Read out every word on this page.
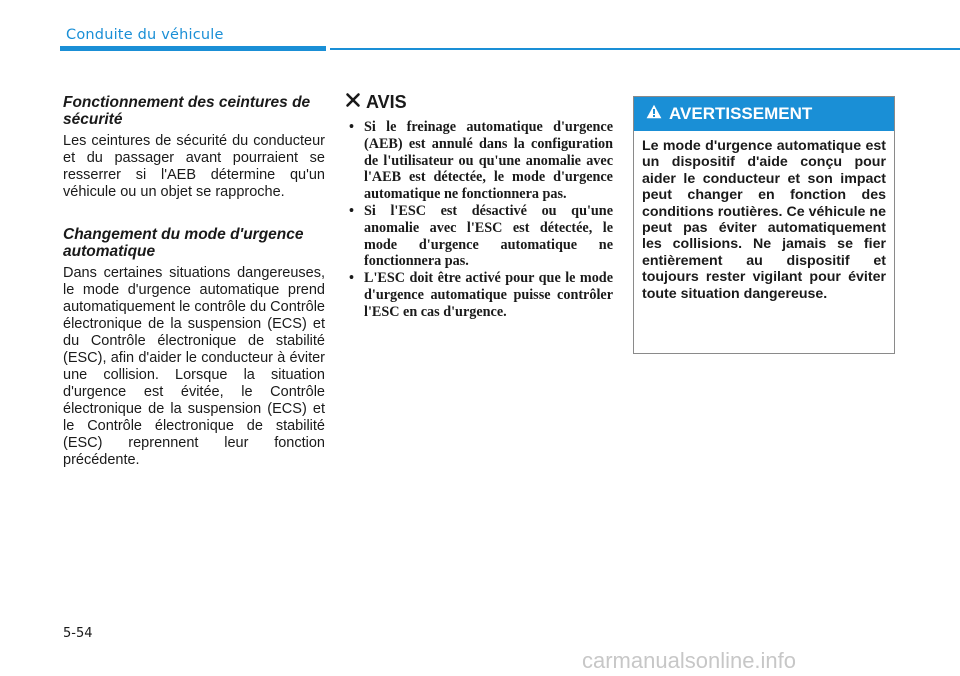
Conduite du véhicule
Fonctionnement des ceintures de sécurité

Les ceintures de sécurité du conducteur et du passager avant pourraient se resserrer si l'AEB détermine qu'un véhicule ou un objet se rapproche.

Changement du mode d'urgence automatique

Dans certaines situations dangereuses, le mode d'urgence automatique prend automatiquement le contrôle du Contrôle électronique de la suspension (ECS) et du Contrôle électronique de stabilité (ESC), afin d'aider le conducteur à éviter une collision. Lorsque la situation d'urgence est évitée, le Contrôle électronique de la suspension (ECS) et le Contrôle électronique de stabilité (ESC) reprennent leur fonction précédente.

AVIS
• Si le freinage automatique d'urgence (AEB) est annulé dans la configuration de l'utilisateur ou qu'une anomalie avec l'AEB est détectée, le mode d'urgence automatique ne fonctionnera pas.
• Si l'ESC est désactivé ou qu'une anomalie avec l'ESC est détectée, le mode d'urgence automatique ne fonctionnera pas.
• L'ESC doit être activé pour que le mode d'urgence automatique puisse contrôler l'ESC en cas d'urgence.
AVERTISSEMENT

Le mode d'urgence automatique est un dispositif d'aide conçu pour aider le conducteur et son impact peut changer en fonction des conditions routières. Ce véhicule ne peut pas éviter automatiquement les collisions. Ne jamais se fier entièrement au dispositif et toujours rester vigilant pour éviter toute situation dangereuse.

5-54
carmanualsonline.info
